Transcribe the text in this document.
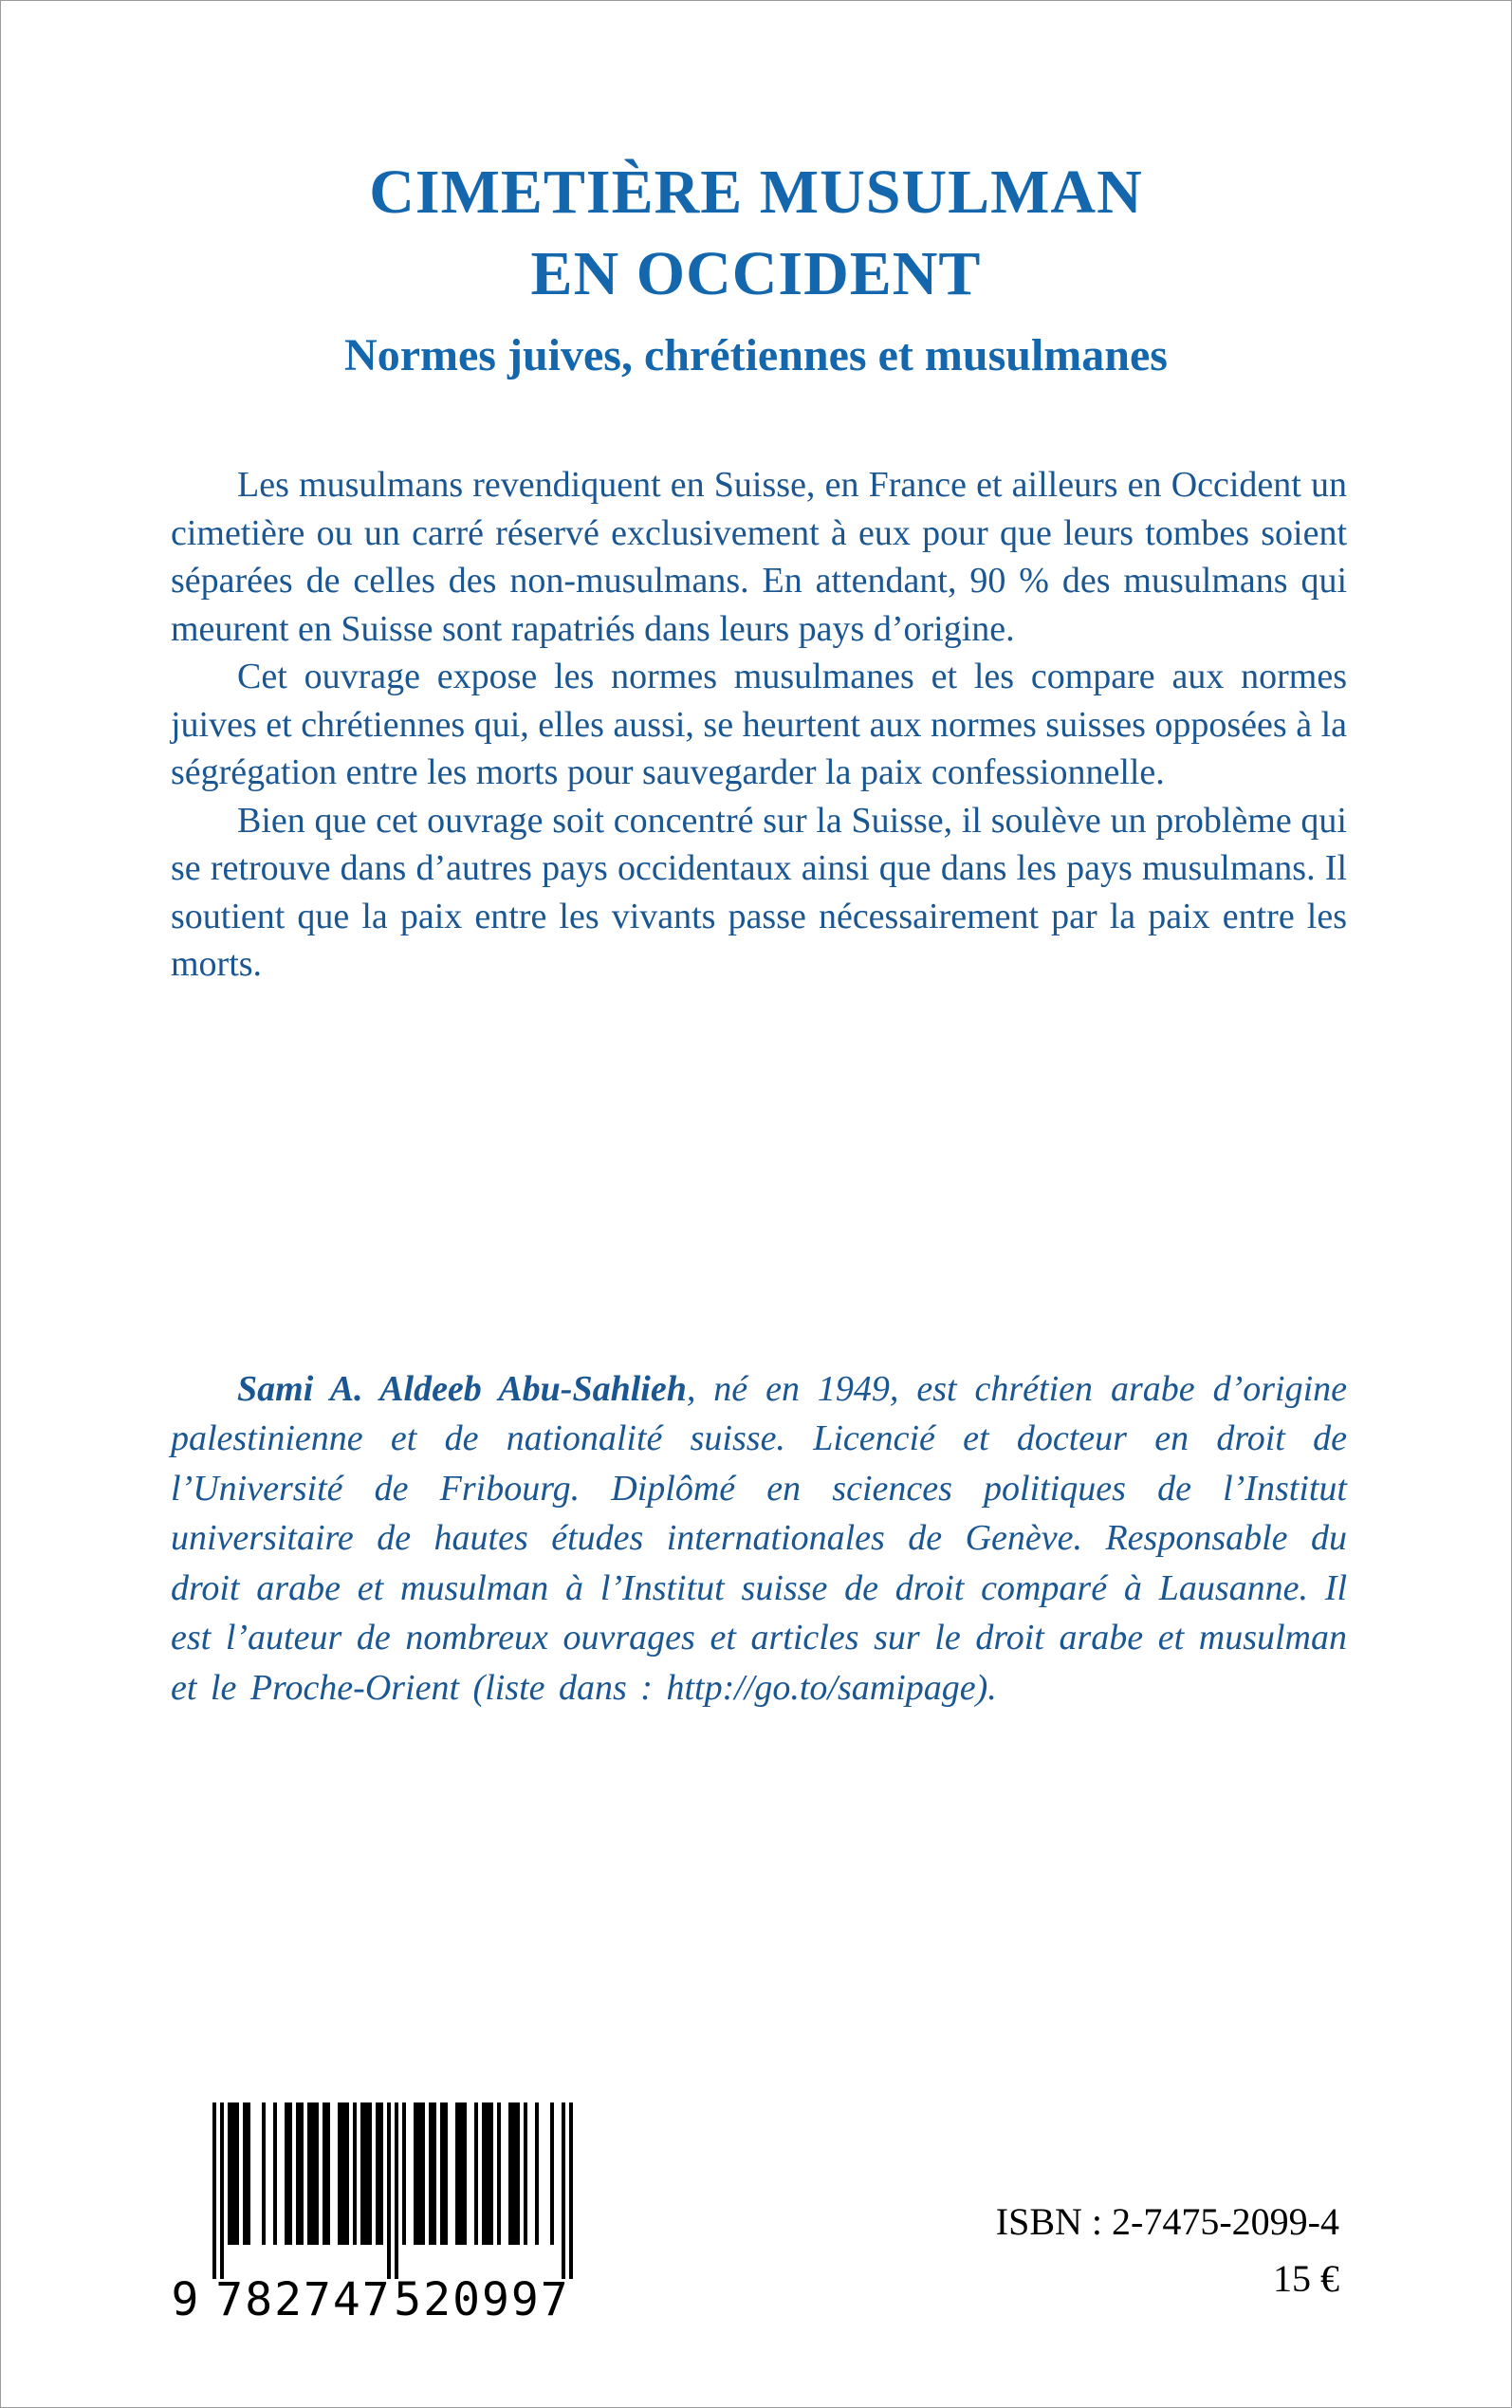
CIMETIÈRE MUSULMAN
EN OCCIDENT
Normes juives, chrétiennes et musulmanes

Les musulmans revendiquent en Suisse, en France et ailleurs en Occident un cimetière ou un carré réservé exclusivement à eux pour que leurs tombes soient séparées de celles des non-musulmans. En attendant, 90 % des musulmans qui meurent en Suisse sont rapatriés dans leurs pays d’origine.

Cet ouvrage expose les normes musulmanes et les compare aux normes juives et chrétiennes qui, elles aussi, se heurtent aux normes suisses opposées à la ségrégation entre les morts pour sauvegarder la paix confessionnelle.

Bien que cet ouvrage soit concentré sur la Suisse, il soulève un problème qui se retrouve dans d’autres pays occidentaux ainsi que dans les pays musulmans. Il soutient que la paix entre les vivants passe nécessairement par la paix entre les morts.

Sami A. Aldeeb Abu-Sahlieh, né en 1949, est chrétien arabe d’origine palestinienne et de nationalité suisse. Licencié et docteur en droit de l’Université de Fribourg. Diplômé en sciences politiques de l’Institut universitaire de hautes études internationales de Genève. Responsable du droit arabe et musulman à l’Institut suisse de droit comparé à Lausanne. Il est l’auteur de nombreux ouvrages et articles sur le droit arabe et musulman et le Proche-Orient (liste dans : http://go.to/samipage).
9 782747 520997
ISBN : 2-7475-2099-4
15 €
